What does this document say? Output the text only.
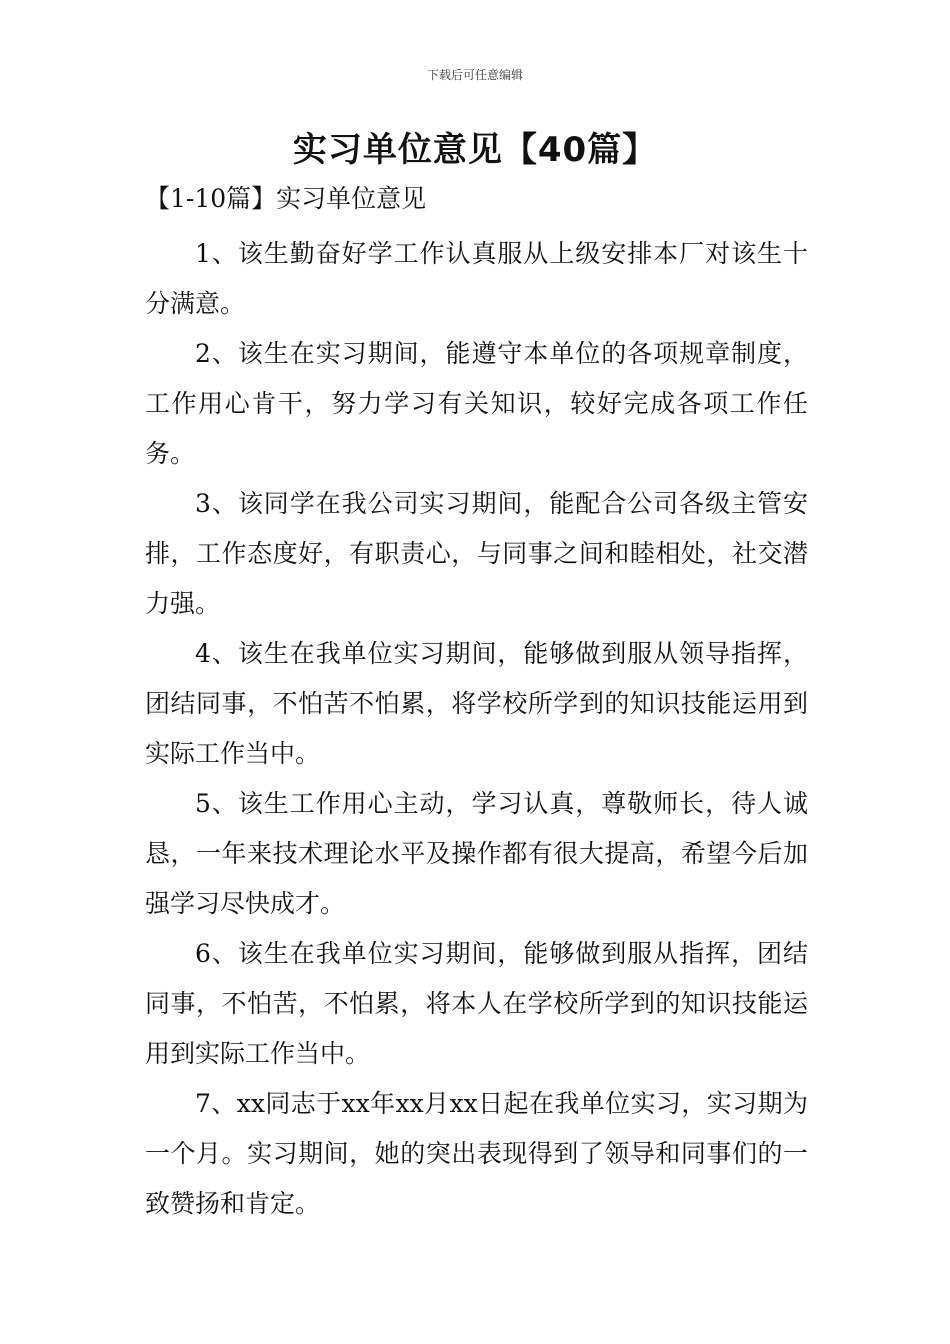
下载后可任意编辑
实习单位意见【40篇】
【1-10篇】实习单位意见

1、该生勤奋好学工作认真服从上级安排本厂对该生十分满意。

2、该生在实习期间，能遵守本单位的各项规章制度，工作用心肯干，努力学习有关知识，较好完成各项工作任务。

3、该同学在我公司实习期间，能配合公司各级主管安排，工作态度好，有职责心，与同事之间和睦相处，社交潜力强。

4、该生在我单位实习期间，能够做到服从领导指挥，团结同事，不怕苦不怕累，将学校所学到的知识技能运用到实际工作当中。

5、该生工作用心主动，学习认真，尊敬师长，待人诚恳，一年来技术理论水平及操作都有很大提高，希望今后加强学习尽快成才。

6、该生在我单位实习期间，能够做到服从指挥，团结同事，不怕苦，不怕累，将本人在学校所学到的知识技能运用到实际工作当中。

7、xx同志于xx年xx月xx日起在我单位实习，实习期为一个月。实习期间，她的突出表现得到了领导和同事们的一致赞扬和肯定。
